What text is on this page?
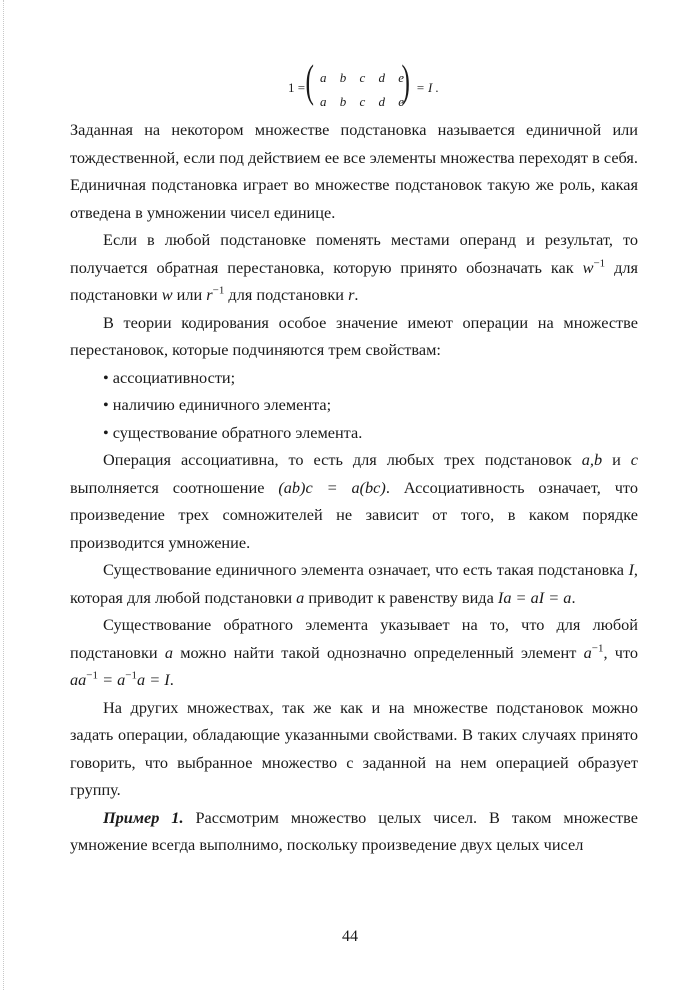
1 = ( a b c d e
a b c d e
) = I .

Заданная на некотором множестве подстановка называется единичной или тождественной, если под действием ее все элементы множества переходят в себя. Единичная подстановка играет во множестве подстановок такую же роль, какая отведена в умножении чисел единице.

Если в любой подстановке поменять местами операнд и результат, то получается обратная перестановка, которую принято обозначать как $w^{-1}$ для подстановки w или $r^{-1}$ для подстановки r.

В теории кодирования особое значение имеют операции на множестве перестановок, которые подчиняются трем свойствам:

• ассоциативности;

• наличию единичного элемента;

• существование обратного элемента.

Операция ассоциативна, то есть для любых трех подстановок a,b и c выполняется соотношение (ab)c = a(bc). Ассоциативность означает, что произведение трех сомножителей не зависит от того, в каком порядке производится умножение.

Существование единичного элемента означает, что есть такая подстановка I, которая для любой подстановки a приводит к равенству вида Ia = aI = a.

Существование обратного элемента указывает на то, что для любой подстановки a можно найти такой однозначно определенный элемент $a^{-1}$, что $aa^{-1} = a^{-1}a = I$.

На других множествах, так же как и на множестве подстановок можно задать операции, обладающие указанными свойствами. В таких случаях принято говорить, что выбранное множество с заданной на нем операцией образует группу.

Пример 1. Рассмотрим множество целых чисел. В таком множестве умножение всегда выполнимо, поскольку произведение двух целых чисел

44
